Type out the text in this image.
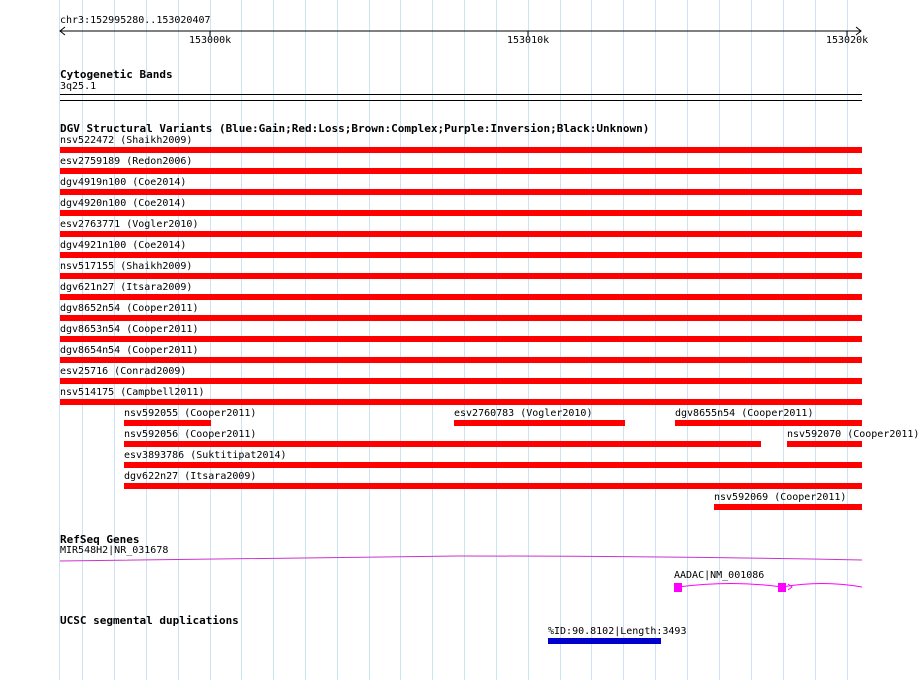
chr3:152995280..153020407
153000k	153010k	153020k
Cytogenetic Bands
3q25.1
DGV Structural Variants (Blue:Gain;Red:Loss;Brown:Complex;Purple:Inversion;Black:Unknown)
nsv522472 (Shaikh2009)
esv2759189 (Redon2006)
dgv4919n100 (Coe2014)
dgv4920n100 (Coe2014)
esv2763771 (Vogler2010)
dgv4921n100 (Coe2014)
nsv517155 (Shaikh2009)
dgv621n27 (Itsara2009)
dgv8652n54 (Cooper2011)
dgv8653n54 (Cooper2011)
dgv8654n54 (Cooper2011)
esv25716 (Conrad2009)
nsv514175 (Campbell2011)
nsv592055 (Cooper2011)	esv2760783 (Vogler2010)	dgv8655n54 (Cooper2011)
nsv592056 (Cooper2011)	nsv592070 (Cooper2011)
esv3893786 (Suktitipat2014)
dgv622n27 (Itsara2009)
nsv592069 (Cooper2011)
RefSeq Genes
MIR548H2|NR_031678
AADAC|NM_001086
UCSC segmental duplications
%ID:90.8102|Length:3493
